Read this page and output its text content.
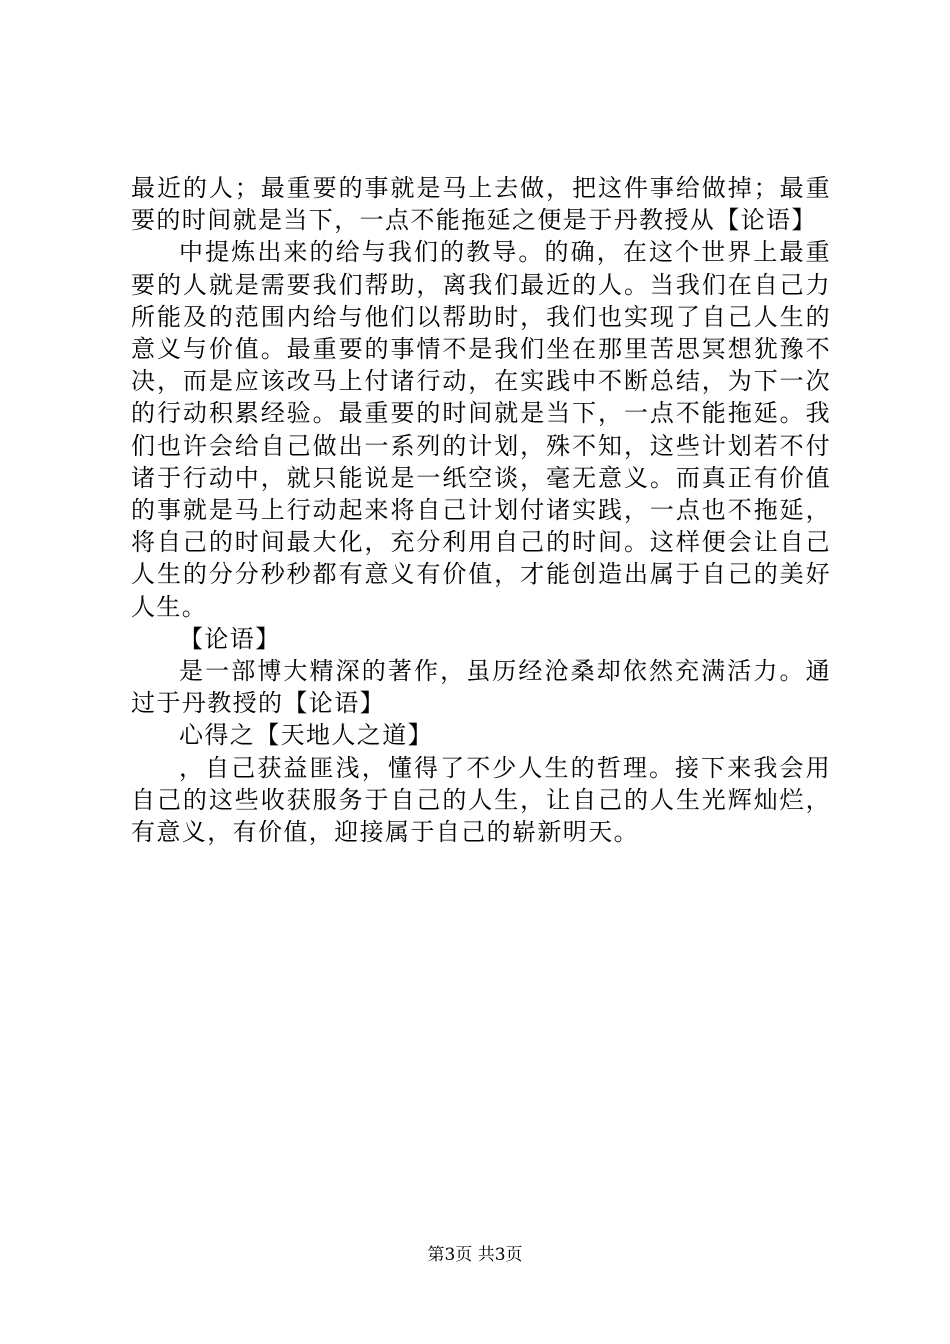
最近的人；最重要的事就是马上去做，把这件事给做掉；最重要的时间就是当下，一点不能拖延之便是于丹教授从【论语】

中提炼出来的给与我们的教导。的确，在这个世界上最重要的人就是需要我们帮助，离我们最近的人。当我们在自己力所能及的范围内给与他们以帮助时，我们也实现了自己人生的意义与价值。最重要的事情不是我们坐在那里苦思冥想犹豫不决，而是应该改马上付诸行动，在实践中不断总结，为下一次的行动积累经验。最重要的时间就是当下，一点不能拖延。我们也许会给自己做出一系列的计划，殊不知，这些计划若不付诸于行动中，就只能说是一纸空谈，毫无意义。而真正有价值的事就是马上行动起来将自己计划付诸实践，一点也不拖延，将自己的时间最大化，充分利用自己的时间。这样便会让自己人生的分分秒秒都有意义有价值，才能创造出属于自己的美好人生。

【论语】

是一部博大精深的著作，虽历经沧桑却依然充满活力。通过于丹教授的【论语】

心得之【天地人之道】

，自己获益匪浅，懂得了不少人生的哲理。接下来我会用自己的这些收获服务于自己的人生，让自己的人生光辉灿烂，有意义，有价值，迎接属于自己的崭新明天。

第3页 共3页
